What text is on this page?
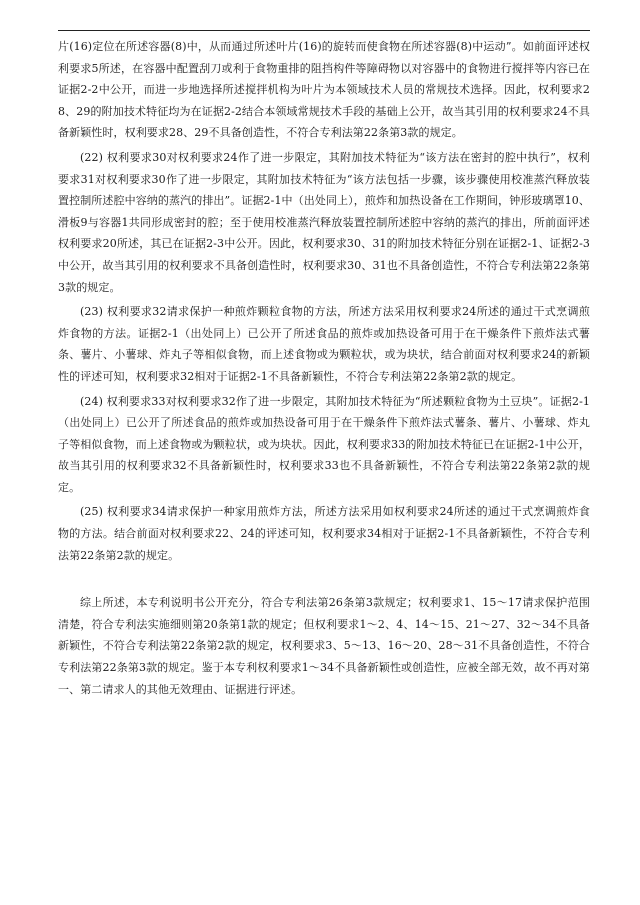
片(16)定位在所述容器(8)中，从而通过所述叶片(16)的旋转而使食物在所述容器(8)中运动”。如前面评述权利要求5所述，在容器中配置刮刀或利于食物重排的阻挡构件等障碍物以对容器中的食物进行搅拌等内容已在证据2-2中公开，而进一步地选择所述搅拌机构为叶片为本领域技术人员的常规技术选择。因此，权利要求28、29的附加技术特征均为在证据2-2结合本领域常规技术手段的基础上公开，故当其引用的权利要求24不具备新颖性时，权利要求28、29不具备创造性，不符合专利法第22条第3款的规定。

(22) 权利要求30对权利要求24作了进一步限定，其附加技术特征为“该方法在密封的腔中执行”，权利要求31对权利要求30作了进一步限定，其附加技术特征为“该方法包括一步骤，该步骤使用校准蒸汽释放装置控制所述腔中容纳的蒸汽的排出”。证据2-1中（出处同上），煎炸和加热设备在工作期间，钟形玻璃罩10、滑板9与容器1共同形成密封的腔；至于使用校准蒸汽释放装置控制所述腔中容纳的蒸汽的排出，所前面评述权利要求20所述，其已在证据2-3中公开。因此，权利要求30、31的附加技术特征分别在证据2-1、证据2-3中公开，故当其引用的权利要求不具备创造性时，权利要求30、31也不具备创造性，不符合专利法第22条第3款的规定。

(23) 权利要求32请求保护一种煎炸颗粒食物的方法，所述方法采用权利要求24所述的通过干式烹调煎炸食物的方法。证据2-1（出处同上）已公开了所述食品的煎炸或加热设备可用于在干燥条件下煎炸法式薯条、薯片、小薯球、炸丸子等相似食物，而上述食物或为颗粒状，或为块状，结合前面对权利要求24的新颖性的评述可知，权利要求32相对于证据2-1不具备新颖性，不符合专利法第22条第2款的规定。

(24) 权利要求33对权利要求32作了进一步限定，其附加技术特征为“所述颗粒食物为土豆块”。证据2-1（出处同上）已公开了所述食品的煎炸或加热设备可用于在干燥条件下煎炸法式薯条、薯片、小薯球、炸丸子等相似食物，而上述食物或为颗粒状，或为块状。因此，权利要求33的附加技术特征已在证据2-1中公开，故当其引用的权利要求32不具备新颖性时，权利要求33也不具备新颖性，不符合专利法第22条第2款的规定。

(25) 权利要求34请求保护一种家用煎炸方法，所述方法采用如权利要求24所述的通过干式烹调煎炸食物的方法。结合前面对权利要求22、24的评述可知，权利要求34相对于证据2-1不具备新颖性，不符合专利法第22条第2款的规定。

综上所述，本专利说明书公开充分，符合专利法第26条第3款规定；权利要求1、15～17请求保护范围清楚，符合专利法实施细则第20条第1款的规定；但权利要求1～2、4、14～15、21～27、32～34不具备新颖性，不符合专利法第22条第2款的规定，权利要求3、5～13、16～20、28～31不具备创造性，不符合专利法第22条第3款的规定。鉴于本专利权利要求1～34不具备新颖性或创造性，应被全部无效，故不再对第一、第二请求人的其他无效理由、证据进行评述。
